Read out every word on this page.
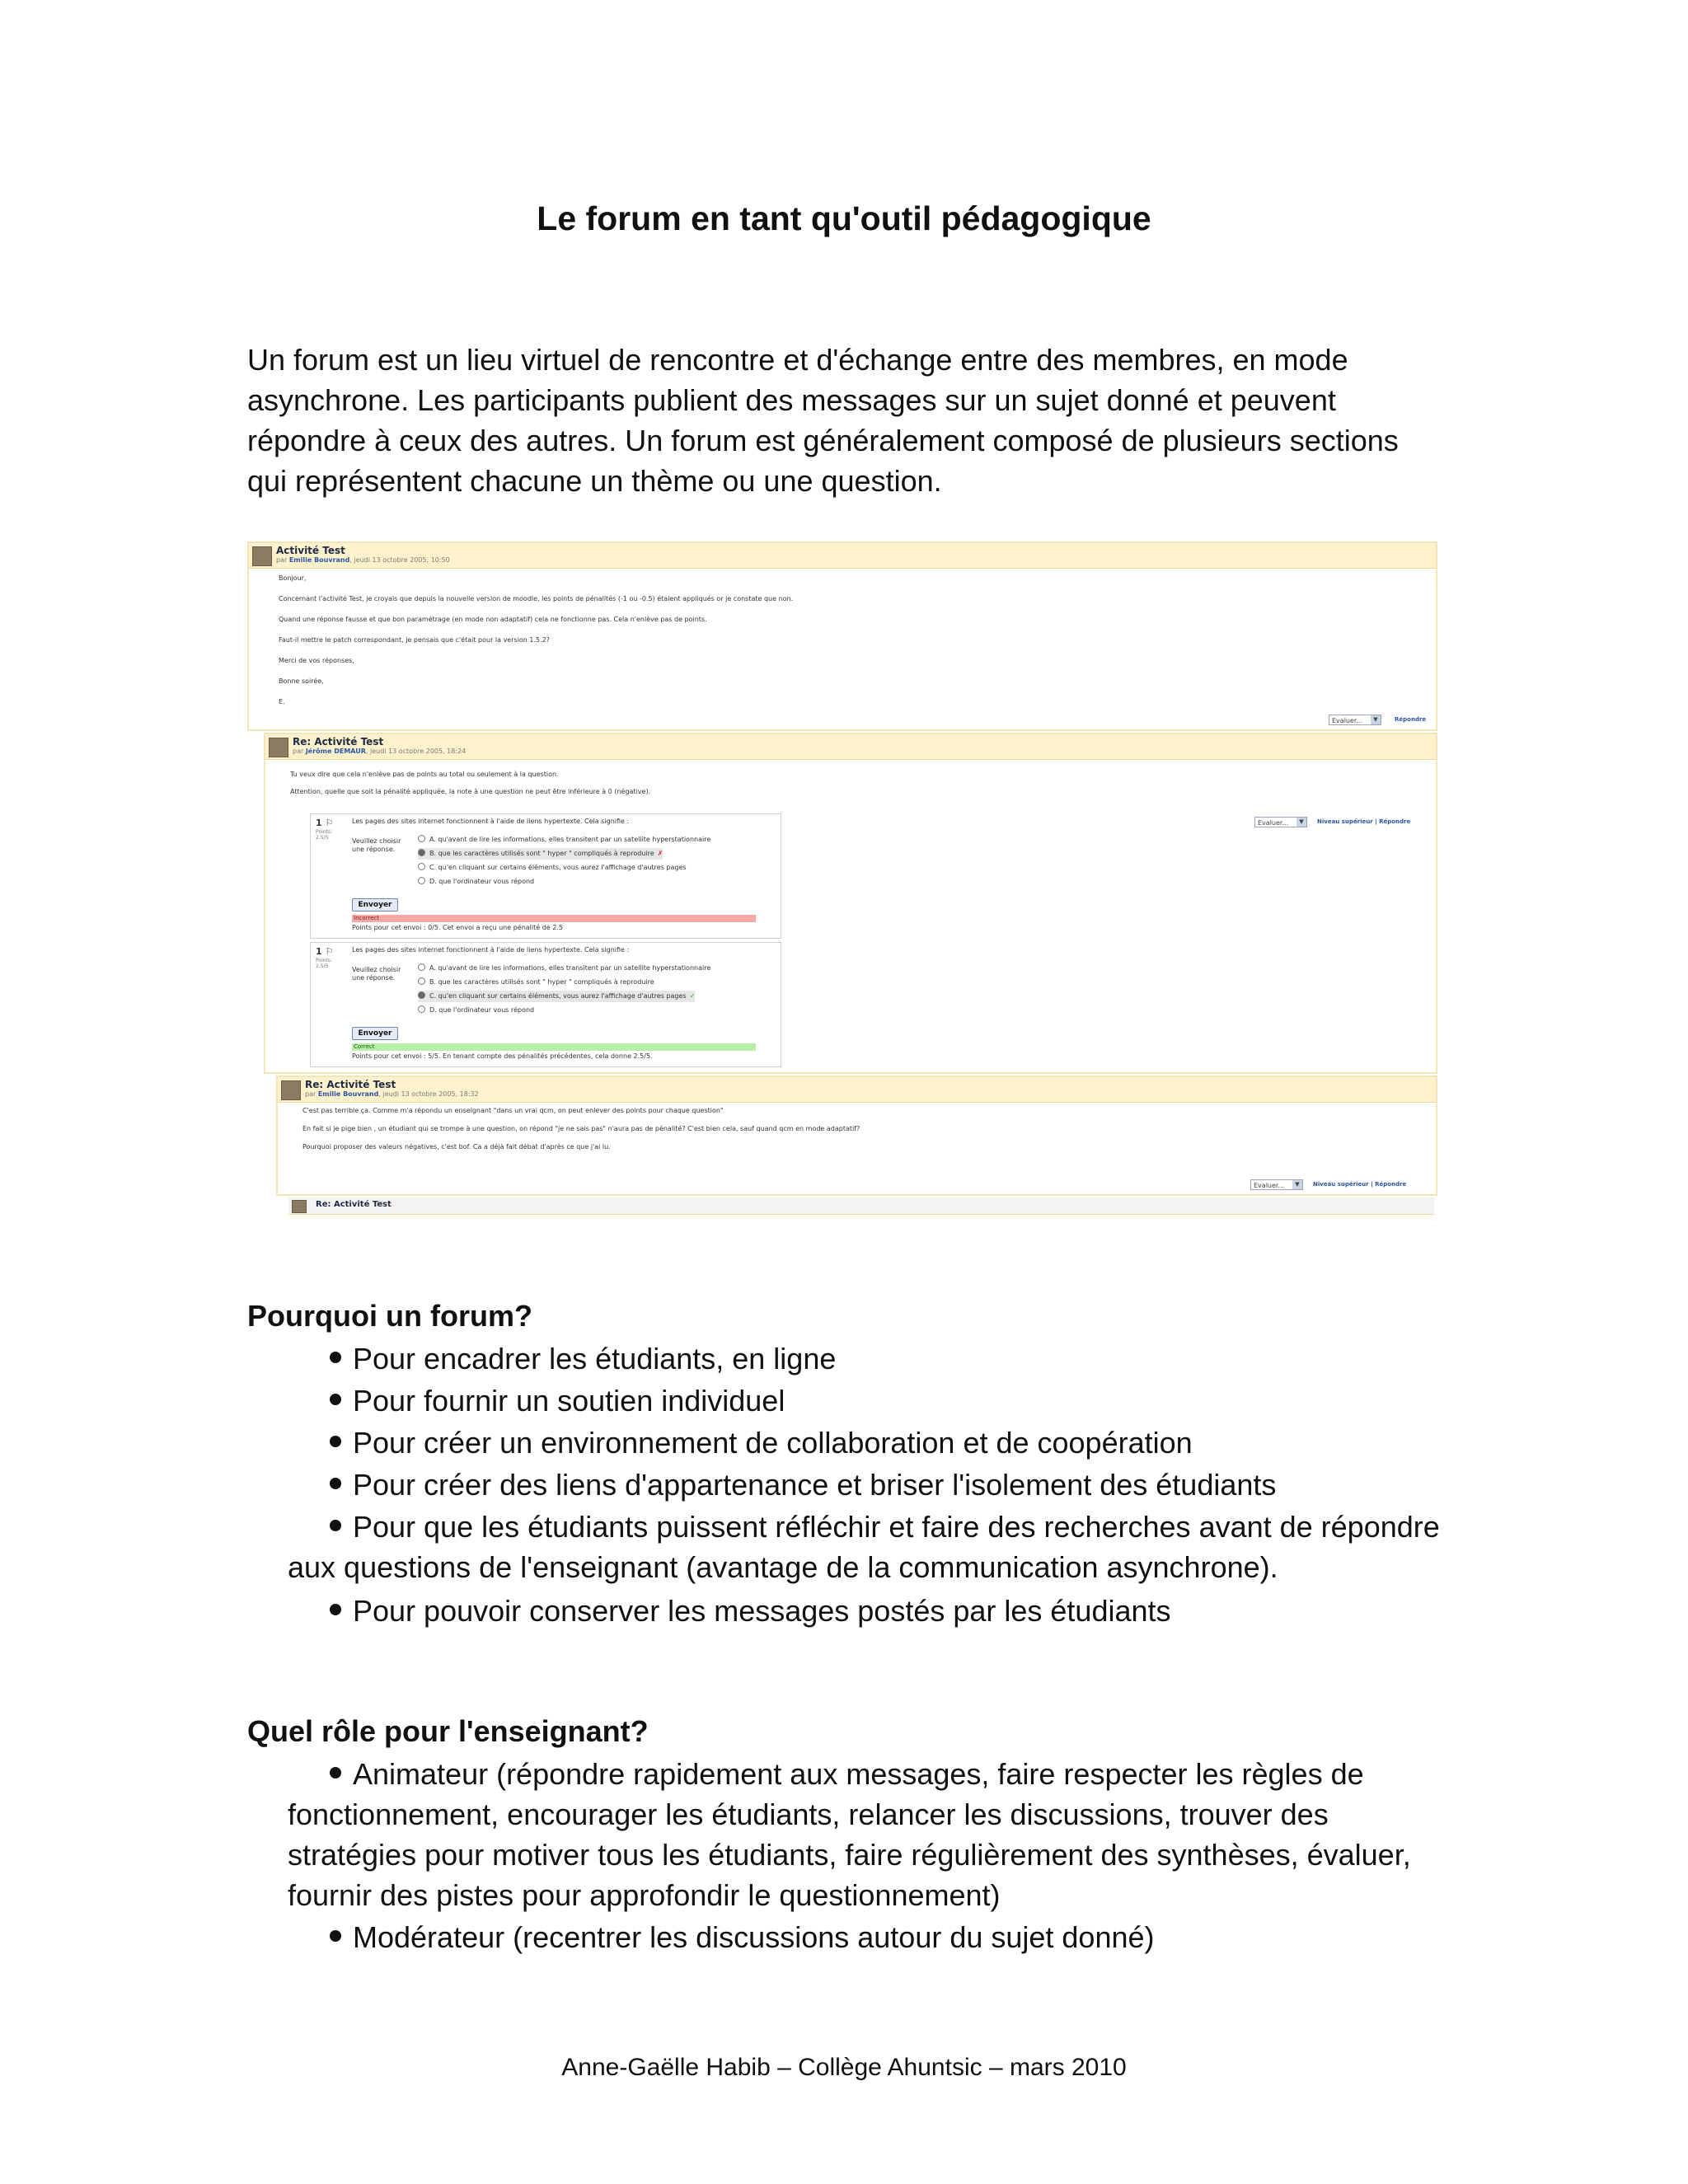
Le forum en tant qu'outil pédagogique
Un forum est un lieu virtuel de rencontre et d'échange entre des membres, en mode asynchrone. Les participants publient des messages sur un sujet donné et peuvent répondre à ceux des autres. Un forum est généralement composé de plusieurs sections qui représentent chacune un thème ou une question.
Activité Test
par Emilie Bouvrand, jeudi 13 octobre 2005, 10:50
Bonjour,
Concernant l'activité Test, je croyais que depuis la nouvelle version de moodle, les points de pénalités (-1 ou -0.5) étaient appliqués or je constate que non.
Quand une réponse fausse et que bon paramétrage (en mode non adaptatif) cela ne fonctionne pas. Cela n'enlève pas de points.
Faut-il mettre le patch correspondant, je pensais que c'était pour la version 1.5.2?
Merci de vos réponses,
Bonne soirée,
E.
Evaluer...	▼	Répondre
Re: Activité Test
par Jérôme DEMAUR, jeudi 13 octobre 2005, 18:24
Tu veux dire que cela n'enlève pas de points au total ou seulement à la question.
Attention, quelle que soit la pénalité appliquée, la note à une question ne peut être inférieure à 0 (négative).
Evaluer...	▼	Niveau supérieur | Répondre
1 ⚐
Points: 2.5/5
Les pages des sites internet fonctionnent à l'aide de liens hypertexte. Cela signifie :
Veuillez choisir une réponse.
A. qu'avant de lire les informations, elles transitent par un satellite hyperstationnaire
B. que les caractères utilisés sont " hyper " compliqués à reproduire ✗
C. qu'en cliquant sur certains éléments, vous aurez l'affichage d'autres pages
D. que l'ordinateur vous répond
Envoyer
Incorrect
Points pour cet envoi : 0/5. Cet envoi a reçu une pénalité de 2.5
1 ⚐
Points: 2.5/5
Les pages des sites internet fonctionnent à l'aide de liens hypertexte. Cela signifie :
Veuillez choisir une réponse.
A. qu'avant de lire les informations, elles transitent par un satellite hyperstationnaire
B. que les caractères utilisés sont " hyper " compliqués à reproduire
C. qu'en cliquant sur certains éléments, vous aurez l'affichage d'autres pages ✓
D. que l'ordinateur vous répond
Envoyer
Correct
Points pour cet envoi : 5/5. En tenant compte des pénalités précédentes, cela donne 2.5/5.
Re: Activité Test
par Emilie Bouvrand, jeudi 13 octobre 2005, 18:32
C'est pas terrible ça. Comme m'a répondu un enseignant "dans un vrai qcm, on peut enlever des points pour chaque question"
En fait si je pige bien , un étudiant qui se trompe à une question, on répond "je ne sais pas" n'aura pas de pénalité? C'est bien cela, sauf quand qcm en mode adaptatif?
Pourquoi proposer des valeurs négatives, c'est bof. Ca a déjà fait débat d'après ce que j'ai lu.
Evaluer...	▼	Niveau supérieur | Répondre
Re: Activité Test
Pourquoi un forum?
Pour encadrer les étudiants, en ligne
Pour fournir un soutien individuel
Pour créer un environnement de collaboration et de coopération
Pour créer des liens d'appartenance et briser l'isolement des étudiants
Pour que les étudiants puissent réfléchir et faire des recherches avant de répondre aux questions de l'enseignant (avantage de la communication asynchrone).
Pour pouvoir conserver les messages postés par les étudiants
Quel rôle pour l'enseignant?
Animateur (répondre rapidement aux messages, faire respecter les règles de fonctionnement, encourager les étudiants, relancer les discussions, trouver des stratégies pour motiver tous les étudiants, faire régulièrement des synthèses, évaluer, fournir des pistes pour approfondir le questionnement)
Modérateur (recentrer les discussions autour du sujet donné)
Anne-Gaëlle Habib – Collège Ahuntsic – mars 2010
